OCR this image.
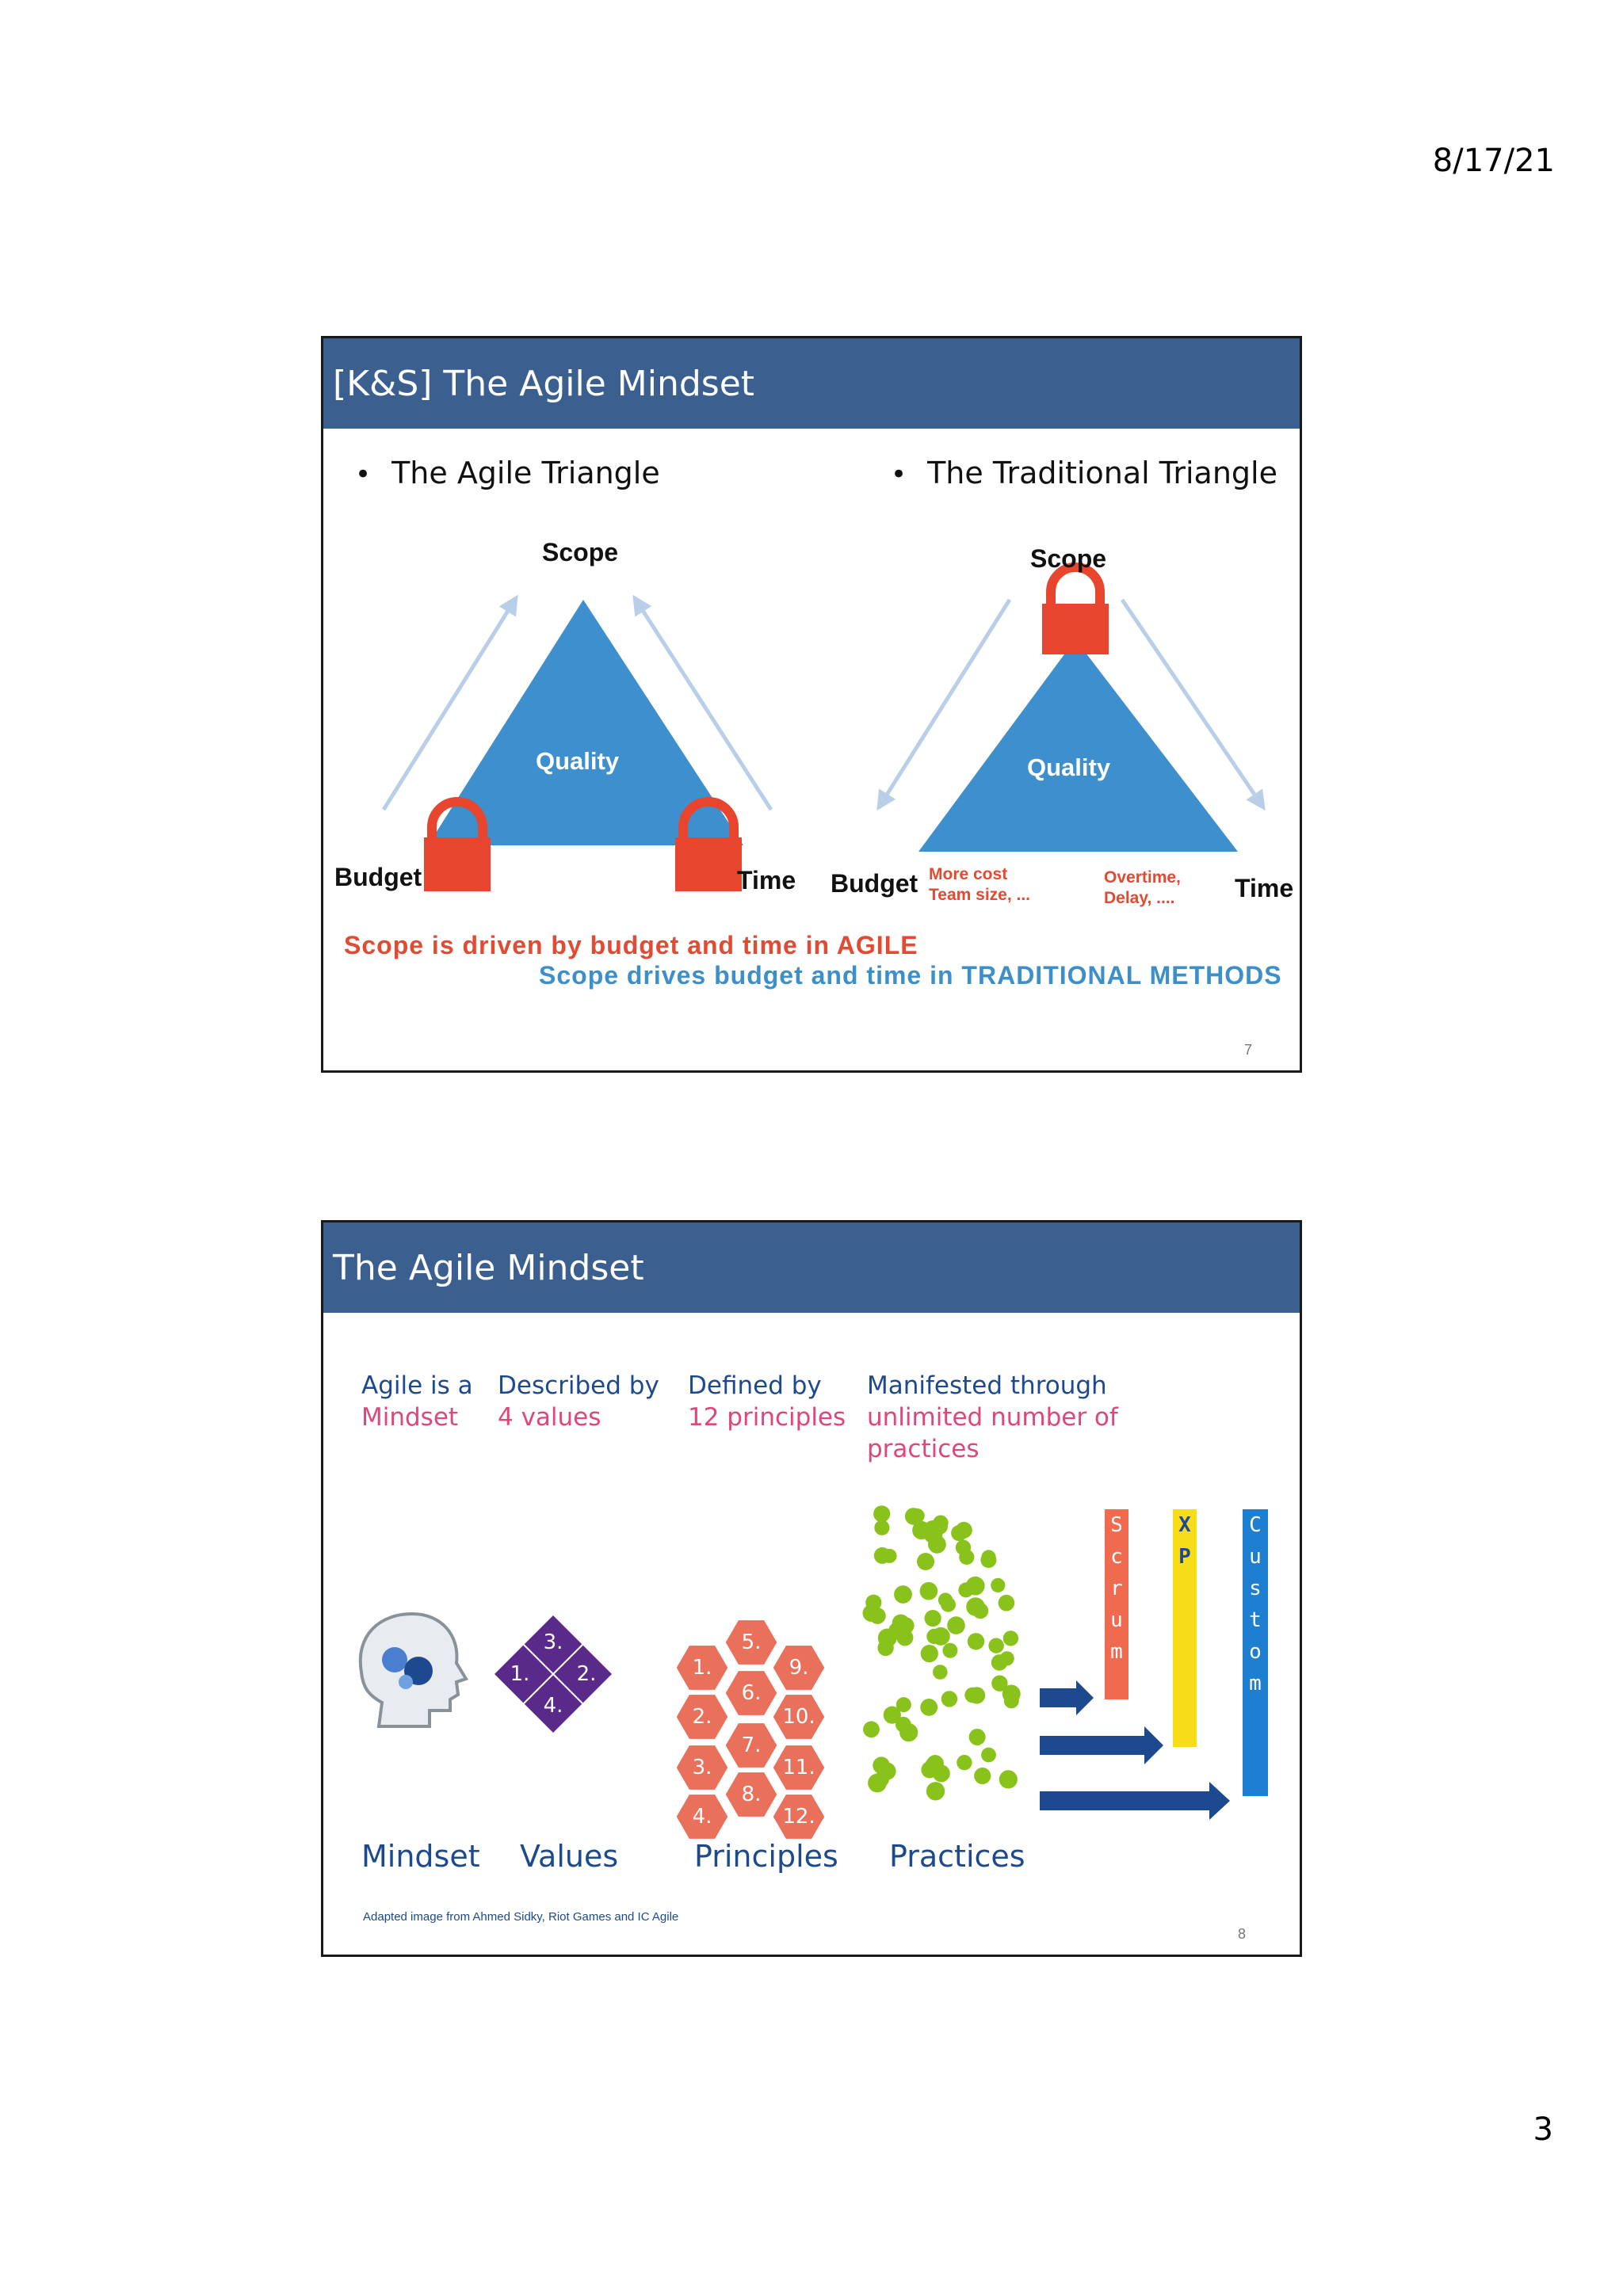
8/17/21
[K&S] The Agile Mindset
• The Agile Triangle	• The Traditional Triangle
Scope
Quality
Budget	Time
Scope
Quality
Budget	Time
More cost
Team size, ...
Overtime,
Delay, ....
Scope is driven by budget and time in AGILE
Scope drives budget and time in TRADITIONAL METHODS
7
The Agile Mindset
Agile is a
Mindset
Described by
4 values
Defined by
12 principles
Manifested through
unlimited number of
practices
3.
1.	2.
4.
1.
2.
3.
4.
5.
6.
7.
8.
9.
10.
11.
12.
S
c
r
u
m
X
P
C
u
s
t
o
m
Mindset Values	Principles Practices
Adapted image from Ahmed Sidky, Riot Games and IC Agile
8
3
